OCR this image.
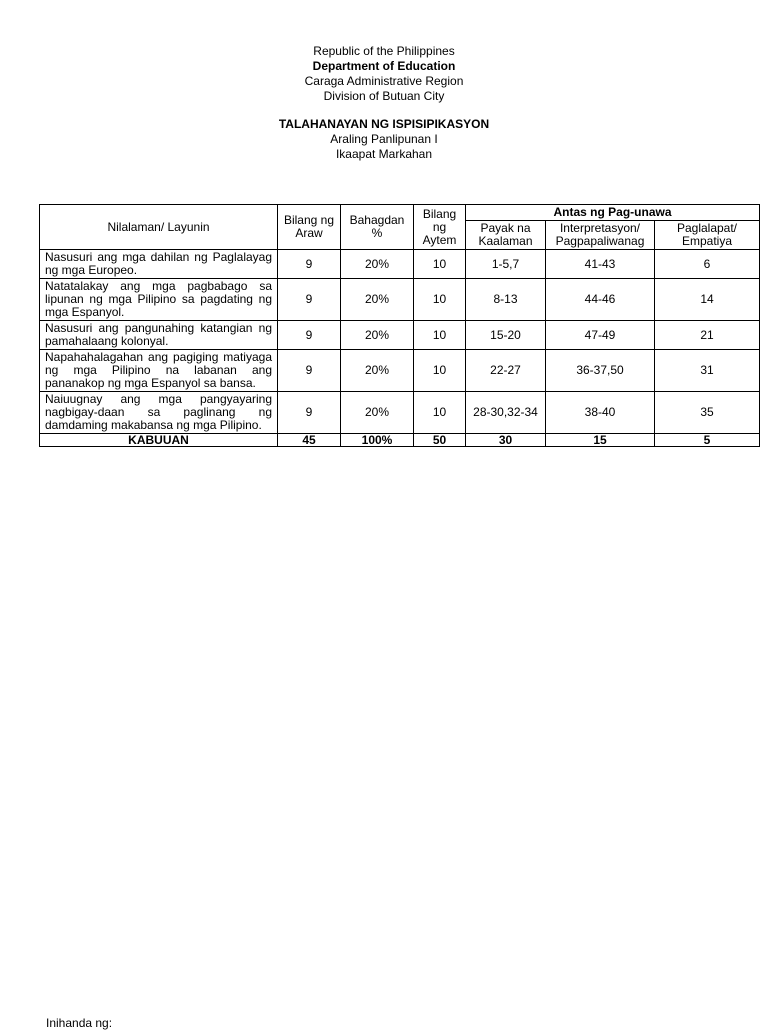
Republic of the Philippines
Department of Education
Caraga Administrative Region
Division of Butuan City
TALAHANAYAN NG ISPISIPIKASYON
Araling Panlipunan I
Ikaapat Markahan
Nilalaman/ Layunin	Bilang ng Araw	Bahagdan %	Bilang ng Aytem	Antas ng Pag-unawa		
				Payak na Kaalaman	Interpretasyon/ Pagpapaliwanag	Paglalapat/ Empatiya
Nasusuri ang mga dahilan ng Paglalayag ng mga Europeo.	9	20%	10	1-5,7	41-43	6
Natatalakay ang mga pagbabago sa lipunan ng mga Pilipino sa pagdating ng mga Espanyol.	9	20%	10	8-13	44-46	14
Nasusuri ang pangunahing katangian ng pamahalaang kolonyal.	9	20%	10	15-20	47-49	21
Napahahalagahan ang pagiging matiyaga ng mga Pilipino na labanan ang pananakop ng mga Espanyol sa bansa.	9	20%	10	22-27	36-37,50	31
Naiuugnay ang mga pangyayaring nagbigay-daan sa paglinang ng damdaming makabansa ng mga Pilipino.	9	20%	10	28-30,32-34	38-40	35
KABUUAN	45	100%	50	30	15	5
Inihanda ng:
